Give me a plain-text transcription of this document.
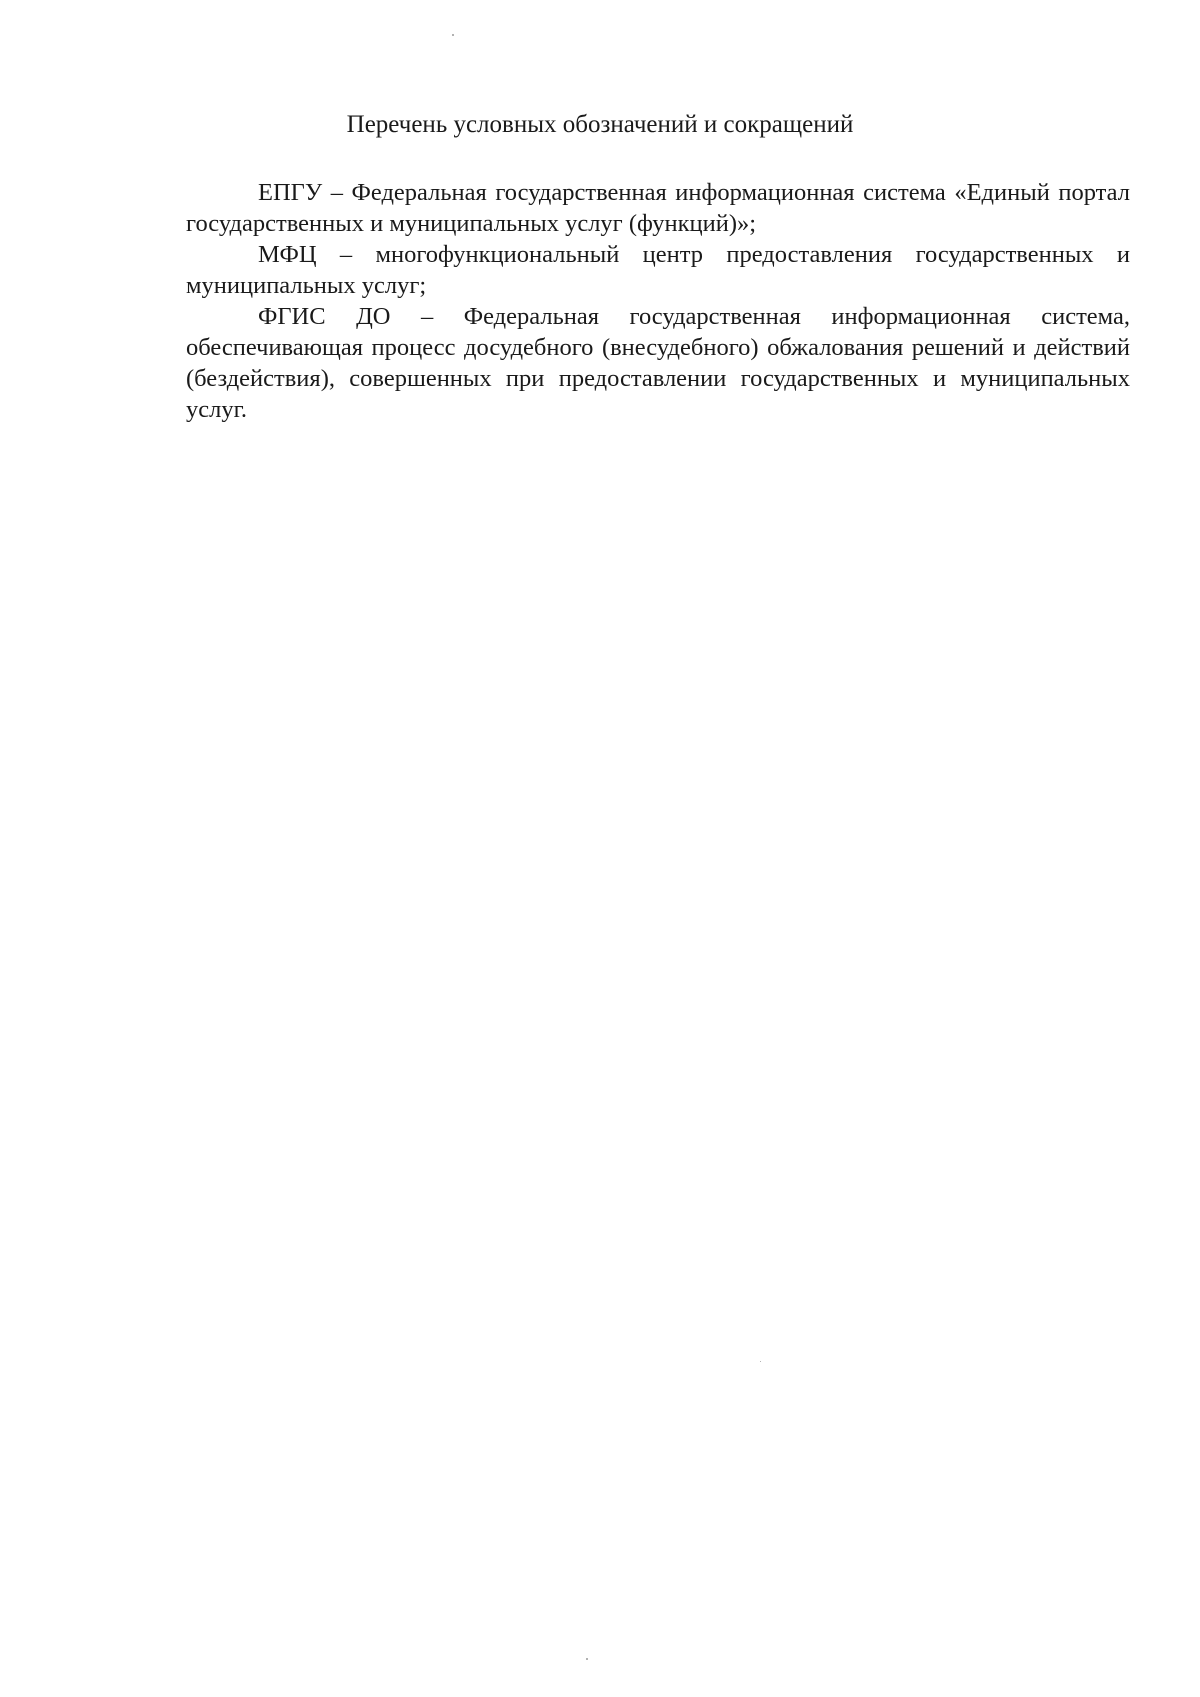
Перечень условных обозначений и сокращений

ЕПГУ – Федеральная государственная информационная система «Единый портал государственных и муниципальных услуг (функций)»;

МФЦ – многофункциональный центр предоставления государственных и муниципальных услуг;

ФГИС ДО – Федеральная государственная информационная система, обеспечивающая процесс досудебного (внесудебного) обжалования решений и действий (бездействия), совершенных при предоставлении государственных и муниципальных услуг.
